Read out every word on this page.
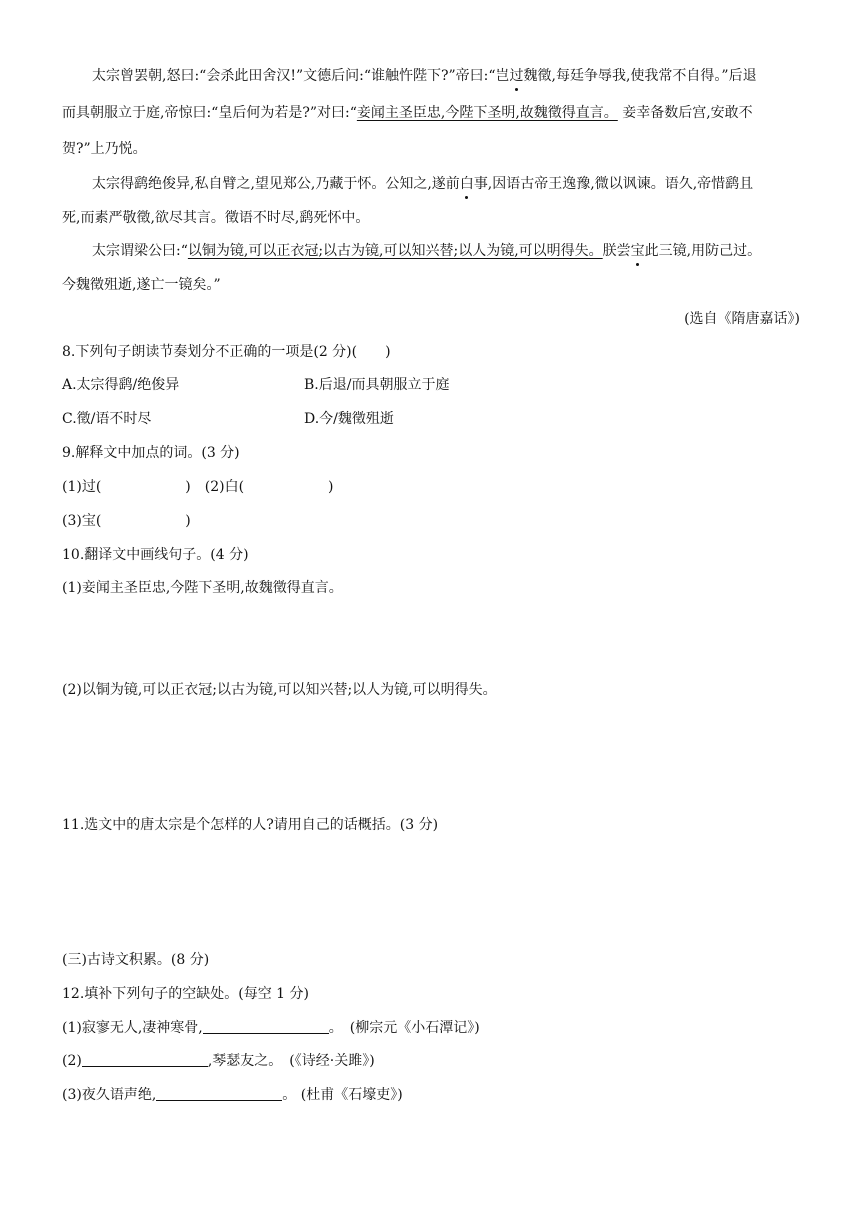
太宗曾罢朝,怒曰:“会杀此田舍汉!”文德后问:“谁触忤陛下?”帝曰:“岂过魏徵,每廷争辱我,使我常不自得。”后退
而具朝服立于庭,帝惊曰:“皇后何为若是?”对曰:“妾闻主圣臣忠,今陛下圣明,故魏徵得直言。 妾幸备数后宫,安敢不
贺?”上乃悦。
太宗得鹞绝俊异,私自臂之,望见郑公,乃藏于怀。公知之,遂前白事,因语古帝王逸豫,微以讽谏。语久,帝惜鹞且
死,而素严敬徵,欲尽其言。徵语不时尽,鹞死怀中。
太宗谓梁公曰:“以铜为镜,可以正衣冠;以古为镜,可以知兴替;以人为镜,可以明得失。朕尝宝此三镜,用防己过。
今魏徵殂逝,遂亡一镜矣。”
(选自《隋唐嘉话》)
8.下列句子朗读节奏划分不正确的一项是(2 分)(　　)
A.太宗得鹞/绝俊异	B.后退/而具朝服立于庭
C.徵/语不时尽	D.今/魏徵殂逝
9.解释文中加点的词。(3 分)
(1)过(　　　　　　)　(2)白(　　　　　　)
(3)宝(　　　　　　)
10.翻译文中画线句子。(4 分)
(1)妾闻主圣臣忠,今陛下圣明,故魏徵得直言。
(2)以铜为镜,可以正衣冠;以古为镜,可以知兴替;以人为镜,可以明得失。
11.选文中的唐太宗是个怎样的人?请用自己的话概括。(3 分)
(三)古诗文积累。(8 分)
12.填补下列句子的空缺处。(每空 1 分)
(1)寂寥无人,凄神寒骨,	。　(柳宗元《小石潭记》)
(2)	,琴瑟友之。　(《诗经·关雎》)
(3)夜久语声绝,	。 (杜甫《石壕吏》)
